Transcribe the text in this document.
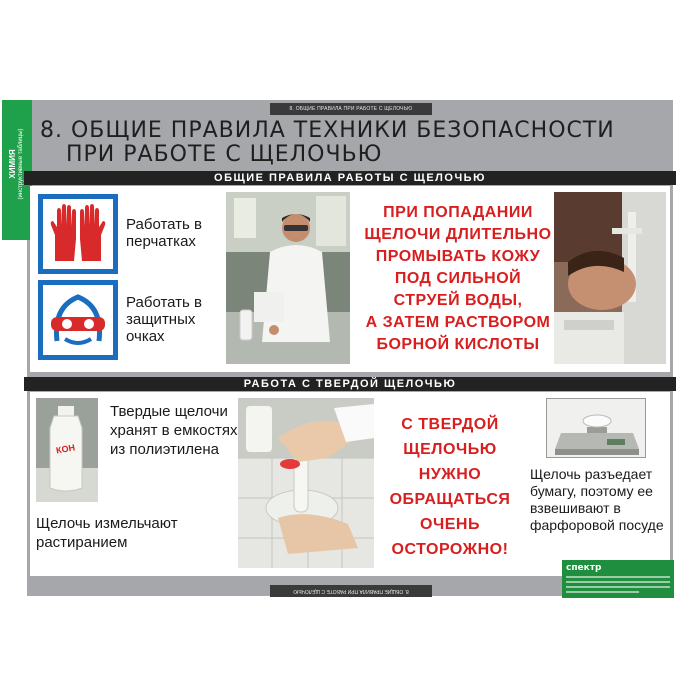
8. ОБЩИЕ ПРАВИЛА ПРИ РАБОТЕ С ЩЕЛОЧЬЮ
ХИМИЯ (инструктивные таблицы) 8. ОБЩИЕ ПРАВИЛА ТЕХНИКИ БЕЗОПАСНОСТИ
ПРИ РАБОТЕ С ЩЕЛОЧЬЮ
ОБЩИЕ ПРАВИЛА РАБОТЫ С ЩЕЛОЧЬЮ
Работать в перчатках
Работать в защитных очках
ПРИ ПОПАДАНИИ
ЩЕЛОЧИ ДЛИТЕЛЬНО
ПРОМЫВАТЬ КОЖУ
ПОД СИЛЬНОЙ
СТРУЕЙ ВОДЫ,
А ЗАТЕМ РАСТВОРОМ
БОРНОЙ КИСЛОТЫ
РАБОТА С ТВЕРДОЙ ЩЕЛОЧЬЮ
КОН
Твердые щелочи хранят в емкостях из полиэтилена
Щелочь измельчают растиранием
С ТВЕРДОЙ
ЩЕЛОЧЬЮ
НУЖНО
ОБРАЩАТЬСЯ
ОЧЕНЬ
ОСТОРОЖНО!
Щелочь разъедает бумагу, поэтому ее взвешивают в фарфоровой посуде
8. ОБЩИЕ ПРАВИЛА ПРИ РАБОТЕ С ЩЕЛОЧЬЮ
спектр
